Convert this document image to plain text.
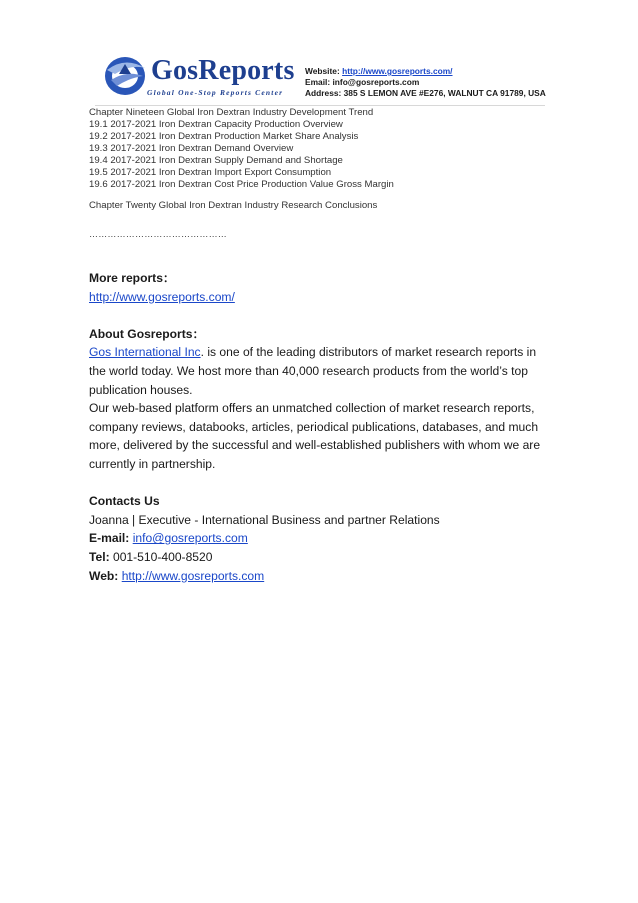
GosReports
Global One-Stop Reports Center
Website: http://www.gosreports.com/
Email: info@gosreports.com
Address: 385 S LEMON AVE #E276, WALNUT CA 91789, USA
Chapter Nineteen Global Iron Dextran Industry Development Trend
19.1 2017-2021 Iron Dextran Capacity Production Overview
19.2 2017-2021 Iron Dextran Production Market Share Analysis
19.3 2017-2021 Iron Dextran Demand Overview
19.4 2017-2021 Iron Dextran Supply Demand and Shortage
19.5 2017-2021 Iron Dextran Import Export Consumption
19.6 2017-2021 Iron Dextran Cost Price Production Value Gross Margin
Chapter Twenty Global Iron Dextran Industry Research Conclusions
………………………………………

More reports：

http://www.gosreports.com/

About Gosreports：

Gos International Inc. is one of the leading distributors of market research reports in the world today. We host more than 40,000 research products from the world’s top publication houses.

Our web-based platform offers an unmatched collection of market research reports, company reviews, databooks, articles, periodical publications, databases, and much more, delivered by the successful and well-established publishers with whom we are currently in partnership.

Contacts Us

Joanna | Executive - International Business and partner Relations

E-mail: info@gosreports.com

Tel: 001-510-400-8520

Web: http://www.gosreports.com
